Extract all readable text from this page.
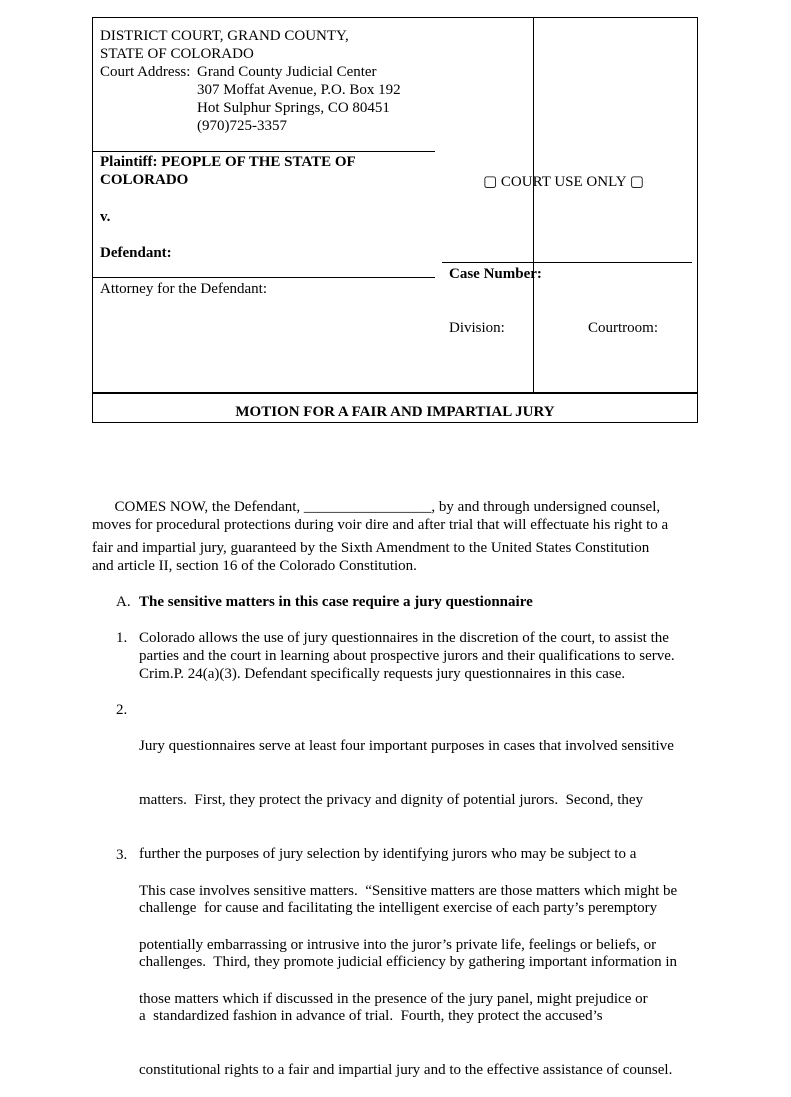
DISTRICT COURT, GRAND COUNTY,
STATE OF COLORADO
Court Address: Grand County Judicial Center
307 Moffat Avenue, P.O. Box 192
Hot Sulphur Springs, CO 80451
(970)725-3357
Plaintiff: PEOPLE OF THE STATE OF
COLORADO
v.
Defendant:
Attorney for the Defendant:
▢ COURT USE ONLY ▢
Case Number:
Division:	Courtroom:
MOTION FOR A FAIR AND IMPARTIAL JURY
COMES NOW, the Defendant, _________________, by and through undersigned counsel,
moves for procedural protections during voir dire and after trial that will effectuate his right to a
fair and impartial jury, guaranteed by the Sixth Amendment to the United States Constitution
and article II, section 16 of the Colorado Constitution.
A. The sensitive matters in this case require a jury questionnaire
1. Colorado allows the use of jury questionnaires in the discretion of the court, to assist the
parties and the court in learning about prospective jurors and their qualifications to serve.
Crim.P. 24(a)(3). Defendant specifically requests jury questionnaires in this case.
2.

Jury questionnaires serve at least four important purposes in cases that involved sensitive

matters.  First, they protect the privacy and dignity of potential jurors.  Second, they

further the purposes of jury selection by identifying jurors who may be subject to a

challenge  for cause and facilitating the intelligent exercise of each party’s peremptory

challenges.  Third, they promote judicial efficiency by gathering important information in

a  standardized fashion in advance of trial.  Fourth, they protect the accused’s

constitutional rights to a fair and impartial jury and to the effective assistance of counsel.

3.

This case involves sensitive matters.  “Sensitive matters are those matters which might be

potentially embarrassing or intrusive into the juror’s private life, feelings or beliefs, or

those matters which if discussed in the presence of the jury panel, might prejudice or
